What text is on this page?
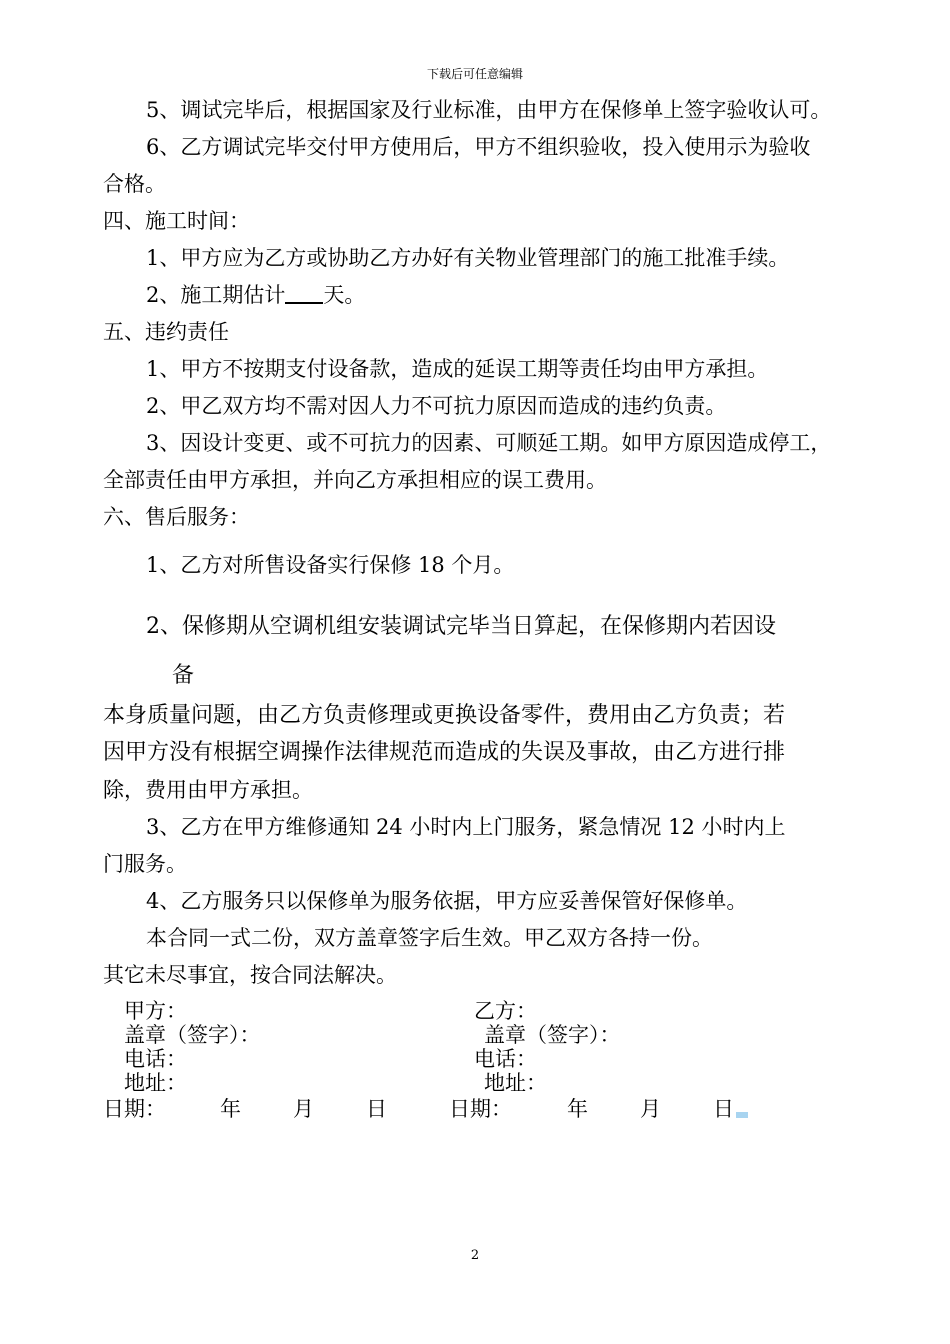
下载后可任意编辑
5、调试完毕后，根据国家及行业标准，由甲方在保修单上签字验收认可。
6、乙方调试完毕交付甲方使用后，甲方不组织验收，投入使用示为验收
合格。
四、施工时间：
1、甲方应为乙方或协助乙方办好有关物业管理部门的施工批准手续。
2、施工期估计 天。
五、违约责任
1、甲方不按期支付设备款，造成的延误工期等责任均由甲方承担。
2、甲乙双方均不需对因人力不可抗力原因而造成的违约负责。
3、因设计变更、或不可抗力的因素、可顺延工期。如甲方原因造成停工，
全部责任由甲方承担，并向乙方承担相应的误工费用。
六、售后服务：
1、乙方对所售设备实行保修 18 个月。
2、保修期从空调机组安装调试完毕当日算起，在保修期内若因设
备
本身质量问题，由乙方负责修理或更换设备零件，费用由乙方负责；若
因甲方没有根据空调操作法律规范而造成的失误及事故，由乙方进行排
除，费用由甲方承担。
3、乙方在甲方维修通知 24 小时内上门服务，紧急情况 12 小时内上
门服务。
4、乙方服务只以保修单为服务依据，甲方应妥善保管好保修单。
本合同一式二份，双方盖章签字后生效。甲乙双方各持一份。
其它未尽事宜，按合同法解决。
甲方：	乙方：
盖章（签字）：	盖章（签字）：
电话：	电话：
地址：	地址：
日期：	年 月 日	日期：	年 月 日
2
